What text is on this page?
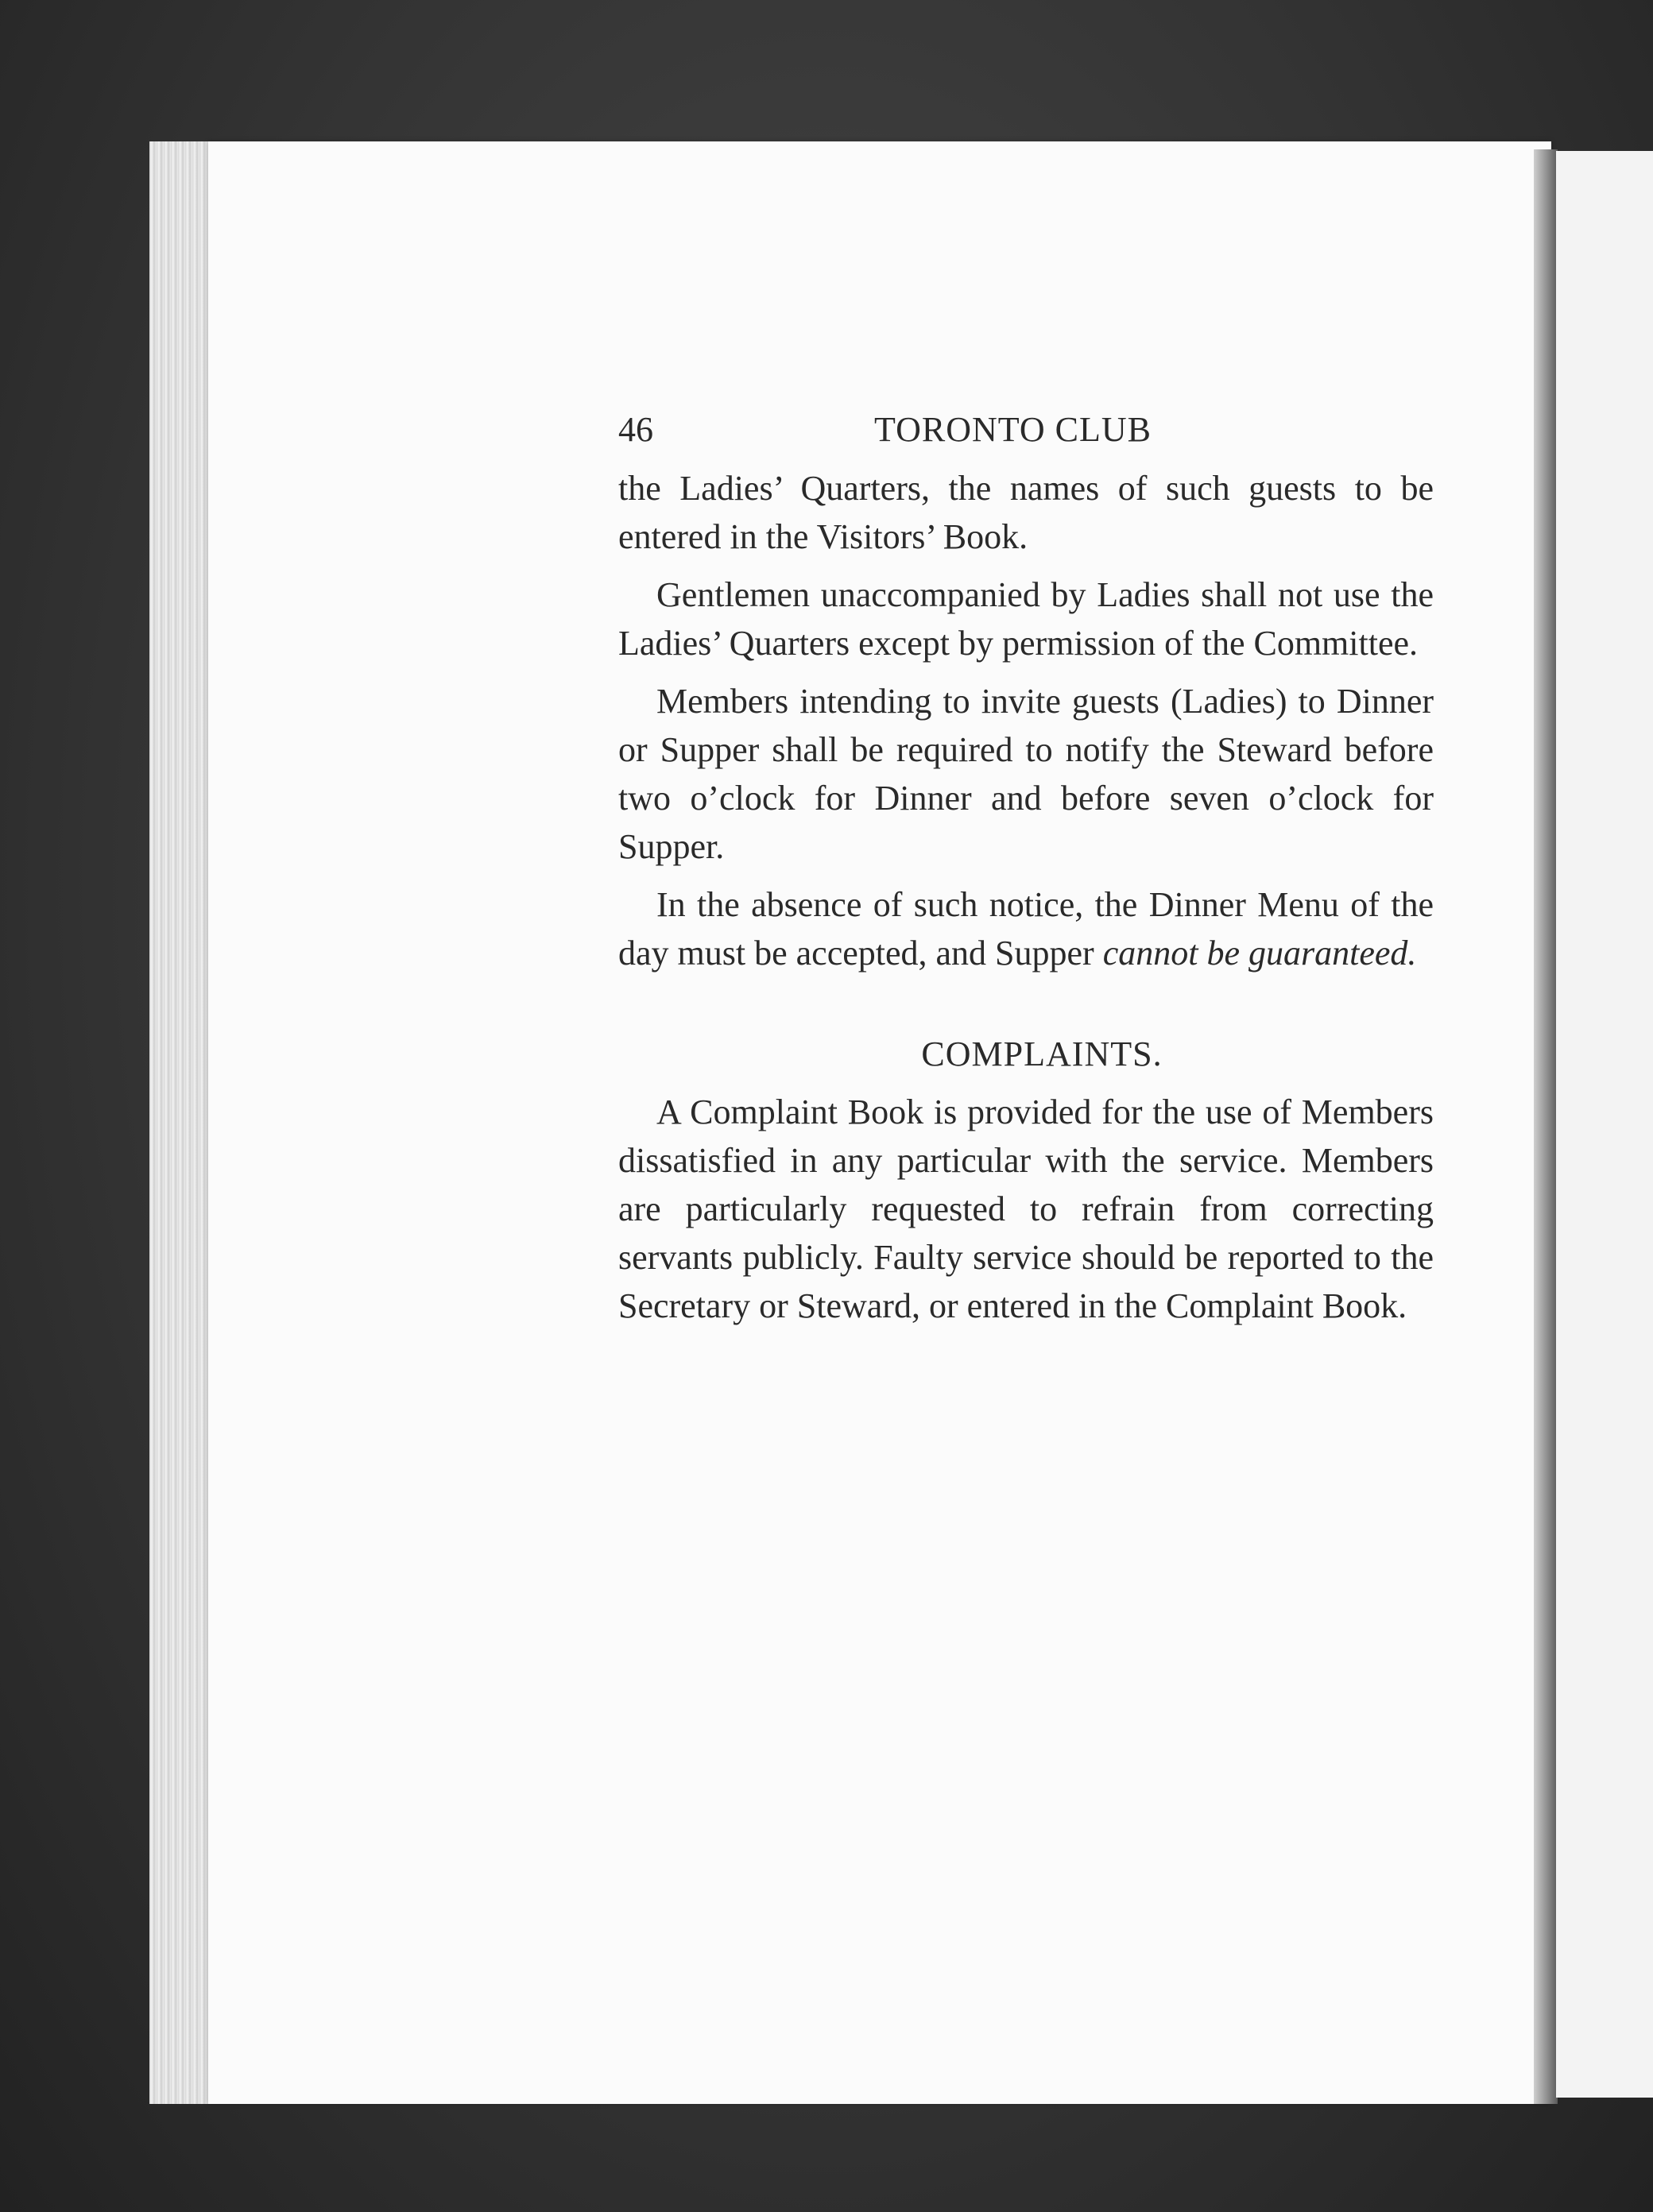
46	TORONTO CLUB

the Ladies’ Quarters, the names of such guests to be entered in the Visitors’ Book.

Gentlemen unaccompanied by Ladies shall not use the Ladies’ Quarters except by permission of the Committee.

Members intending to invite guests (Ladies) to Dinner or Supper shall be required to notify the Steward before two o’clock for Dinner and before seven o’clock for Supper.

In the absence of such notice, the Dinner Menu of the day must be accepted, and Supper cannot be guaranteed.

COMPLAINTS.

A Complaint Book is provided for the use of Members dissatisfied in any particular with the service. Members are particularly requested to refrain from correcting servants publicly. Faulty service should be reported to the Secretary or Steward, or entered in the Complaint Book.
